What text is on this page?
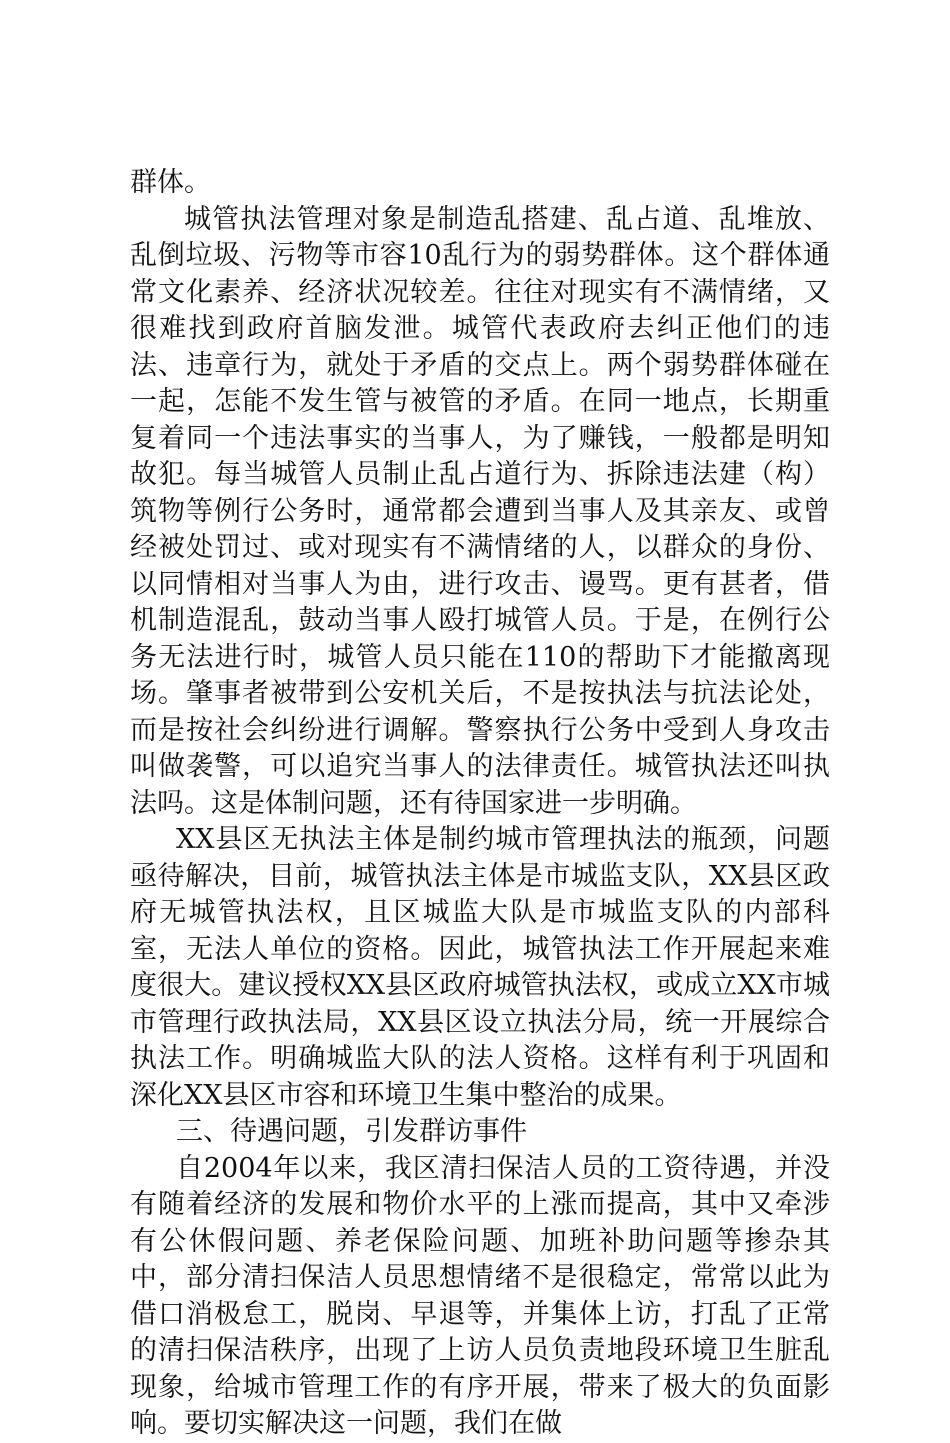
群体。

城管执法管理对象是制造乱搭建、乱占道、乱堆放、乱倒垃圾、污物等市容10乱行为的弱势群体。这个群体通常文化素养、经济状况较差。往往对现实有不满情绪，又很难找到政府首脑发泄。城管代表政府去纠正他们的违法、违章行为，就处于矛盾的交点上。两个弱势群体碰在一起，怎能不发生管与被管的矛盾。在同一地点，长期重复着同一个违法事实的当事人，为了赚钱，一般都是明知故犯。每当城管人员制止乱占道行为、拆除违法建（构）筑物等例行公务时，通常都会遭到当事人及其亲友、或曾经被处罚过、或对现实有不满情绪的人，以群众的身份、以同情相对当事人为由，进行攻击、谩骂。更有甚者，借机制造混乱，鼓动当事人殴打城管人员。于是，在例行公务无法进行时，城管人员只能在110的帮助下才能撤离现场。肇事者被带到公安机关后，不是按执法与抗法论处，而是按社会纠纷进行调解。警察执行公务中受到人身攻击叫做袭警，可以追究当事人的法律责任。城管执法还叫执法吗。这是体制问题，还有待国家进一步明确。

XX县区无执法主体是制约城市管理执法的瓶颈，问题亟待解决，目前，城管执法主体是市城监支队，XX县区政府无城管执法权，且区城监大队是市城监支队的内部科室，无法人单位的资格。因此，城管执法工作开展起来难度很大。建议授权XX县区政府城管执法权，或成立XX市城市管理行政执法局，XX县区设立执法分局，统一开展综合执法工作。明确城监大队的法人资格。这样有利于巩固和深化XX县区市容和环境卫生集中整治的成果。

三、待遇问题，引发群访事件

自2004年以来，我区清扫保洁人员的工资待遇，并没有随着经济的发展和物价水平的上涨而提高，其中又牵涉有公休假问题、养老保险问题、加班补助问题等掺杂其中，部分清扫保洁人员思想情绪不是很稳定，常常以此为借口消极怠工，脱岗、早退等，并集体上访，打乱了正常的清扫保洁秩序，出现了上访人员负责地段环境卫生脏乱现象，给城市管理工作的有序开展，带来了极大的负面影响。要切实解决这一问题，我们在做
